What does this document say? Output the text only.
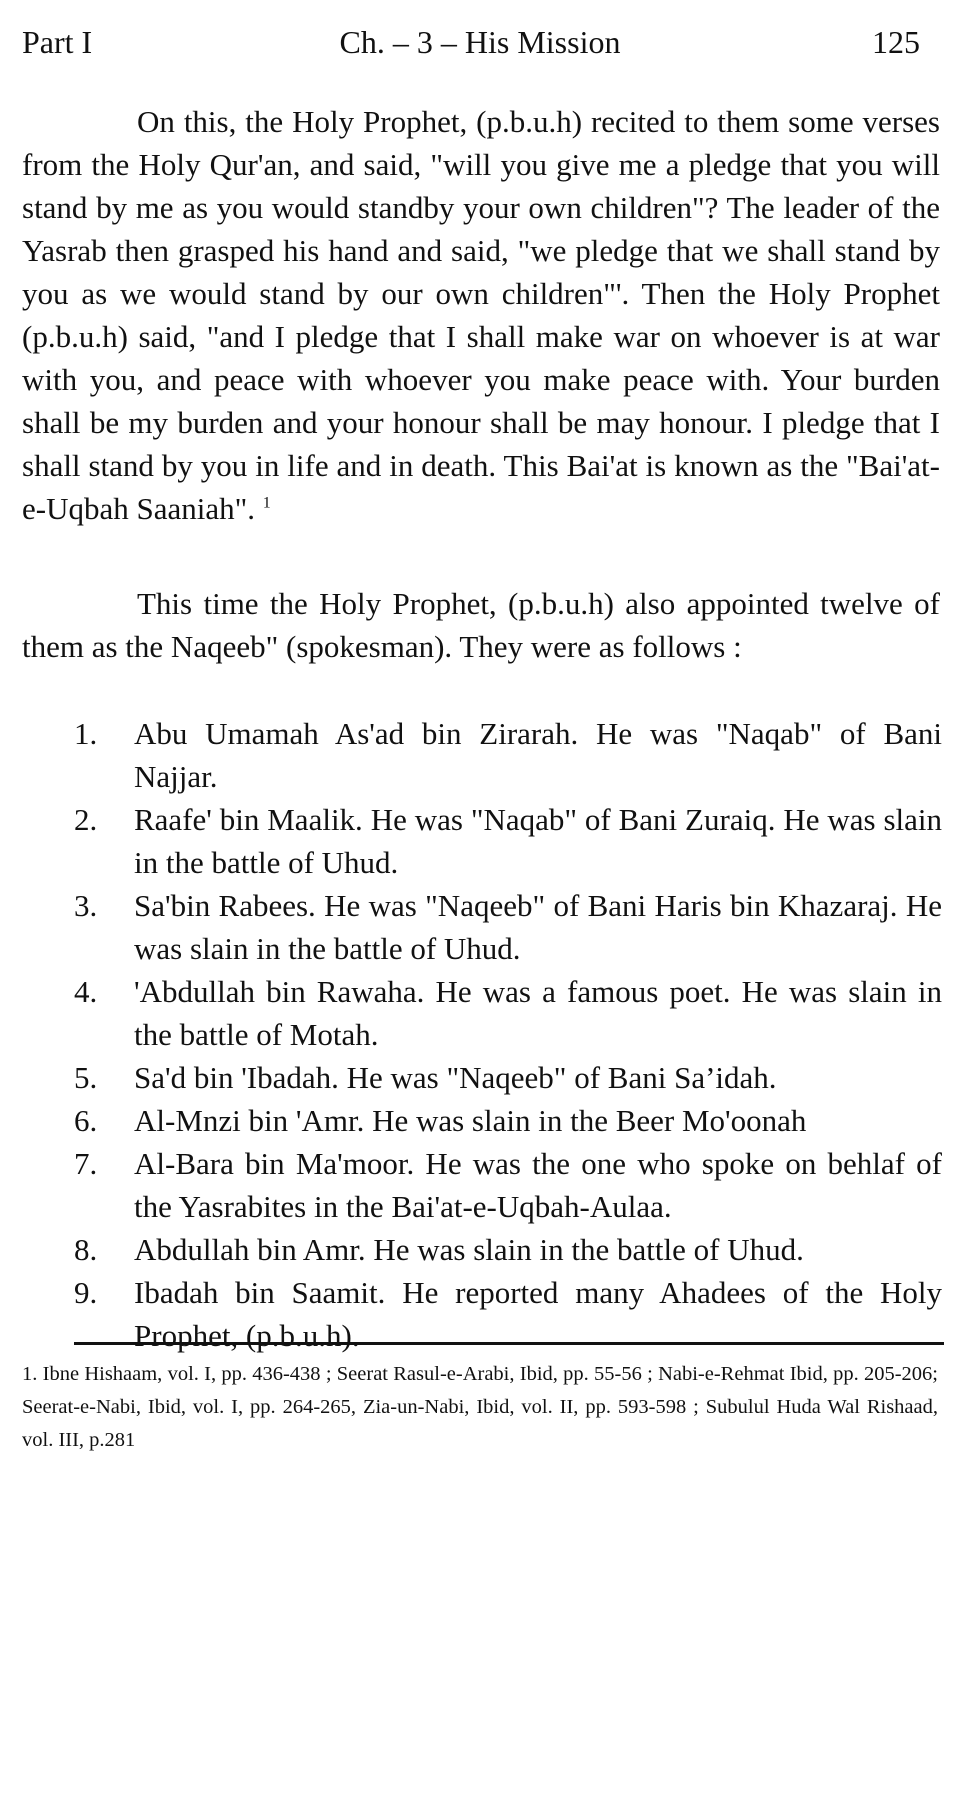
Part I	Ch. – 3 – His Mission	125

On this, the Holy Prophet, (p.b.u.h) recited to them some verses from the Holy Qur'an, and said, "will you give me a pledge that you will stand by me as you would standby your own children"? The leader of the Yasrab then grasped his hand and said, "we pledge that we shall stand by you as we would stand by our own children"'. Then the Holy Prophet (p.b.u.h) said, "and I pledge that I shall make war on whoever is at war with you, and peace with whoever you make peace with. Your burden shall be my burden and your honour shall be may honour. I pledge that I shall stand by you in life and in death. This Bai'at is known as the "Bai'at-e-Uqbah Saaniah". $^1$

This time the Holy Prophet, (p.b.u.h) also appointed twelve of them as the Naqeeb" (spokesman). They were as follows :

1. Abu Umamah As'ad bin Zirarah. He was "Naqab" of Bani Najjar.
2. Raafe' bin Maalik. He was "Naqab" of Bani Zuraiq. He was slain in the battle of Uhud.
3. Sa'bin Rabees. He was "Naqeeb" of Bani Haris bin Khazaraj. He was slain in the battle of Uhud.
4. 'Abdullah bin Rawaha. He was a famous poet. He was slain in the battle of Motah.
5. Sa'd bin 'Ibadah. He was "Naqeeb" of Bani Sa’idah.
6. Al-Mnzi bin 'Amr. He was slain in the Beer Mo'oonah
7. Al-Bara bin Ma'moor. He was the one who spoke on behlaf of the Yasrabites in the Bai'at-e-Uqbah-Aulaa.
8. Abdullah bin Amr. He was slain in the battle of Uhud.
9. Ibadah bin Saamit. He reported many Ahadees of the Holy Prophet, (p.b.u.h).

1. Ibne Hishaam, vol. I, pp. 436-438 ; Seerat Rasul-e-Arabi, Ibid, pp. 55-56 ; Nabi-e-Rehmat Ibid, pp. 205-206; Seerat-e-Nabi, Ibid, vol. I, pp. 264-265, Zia-un-Nabi, Ibid, vol. II, pp. 593-598 ; Subulul Huda Wal Rishaad, vol. III, p.281
